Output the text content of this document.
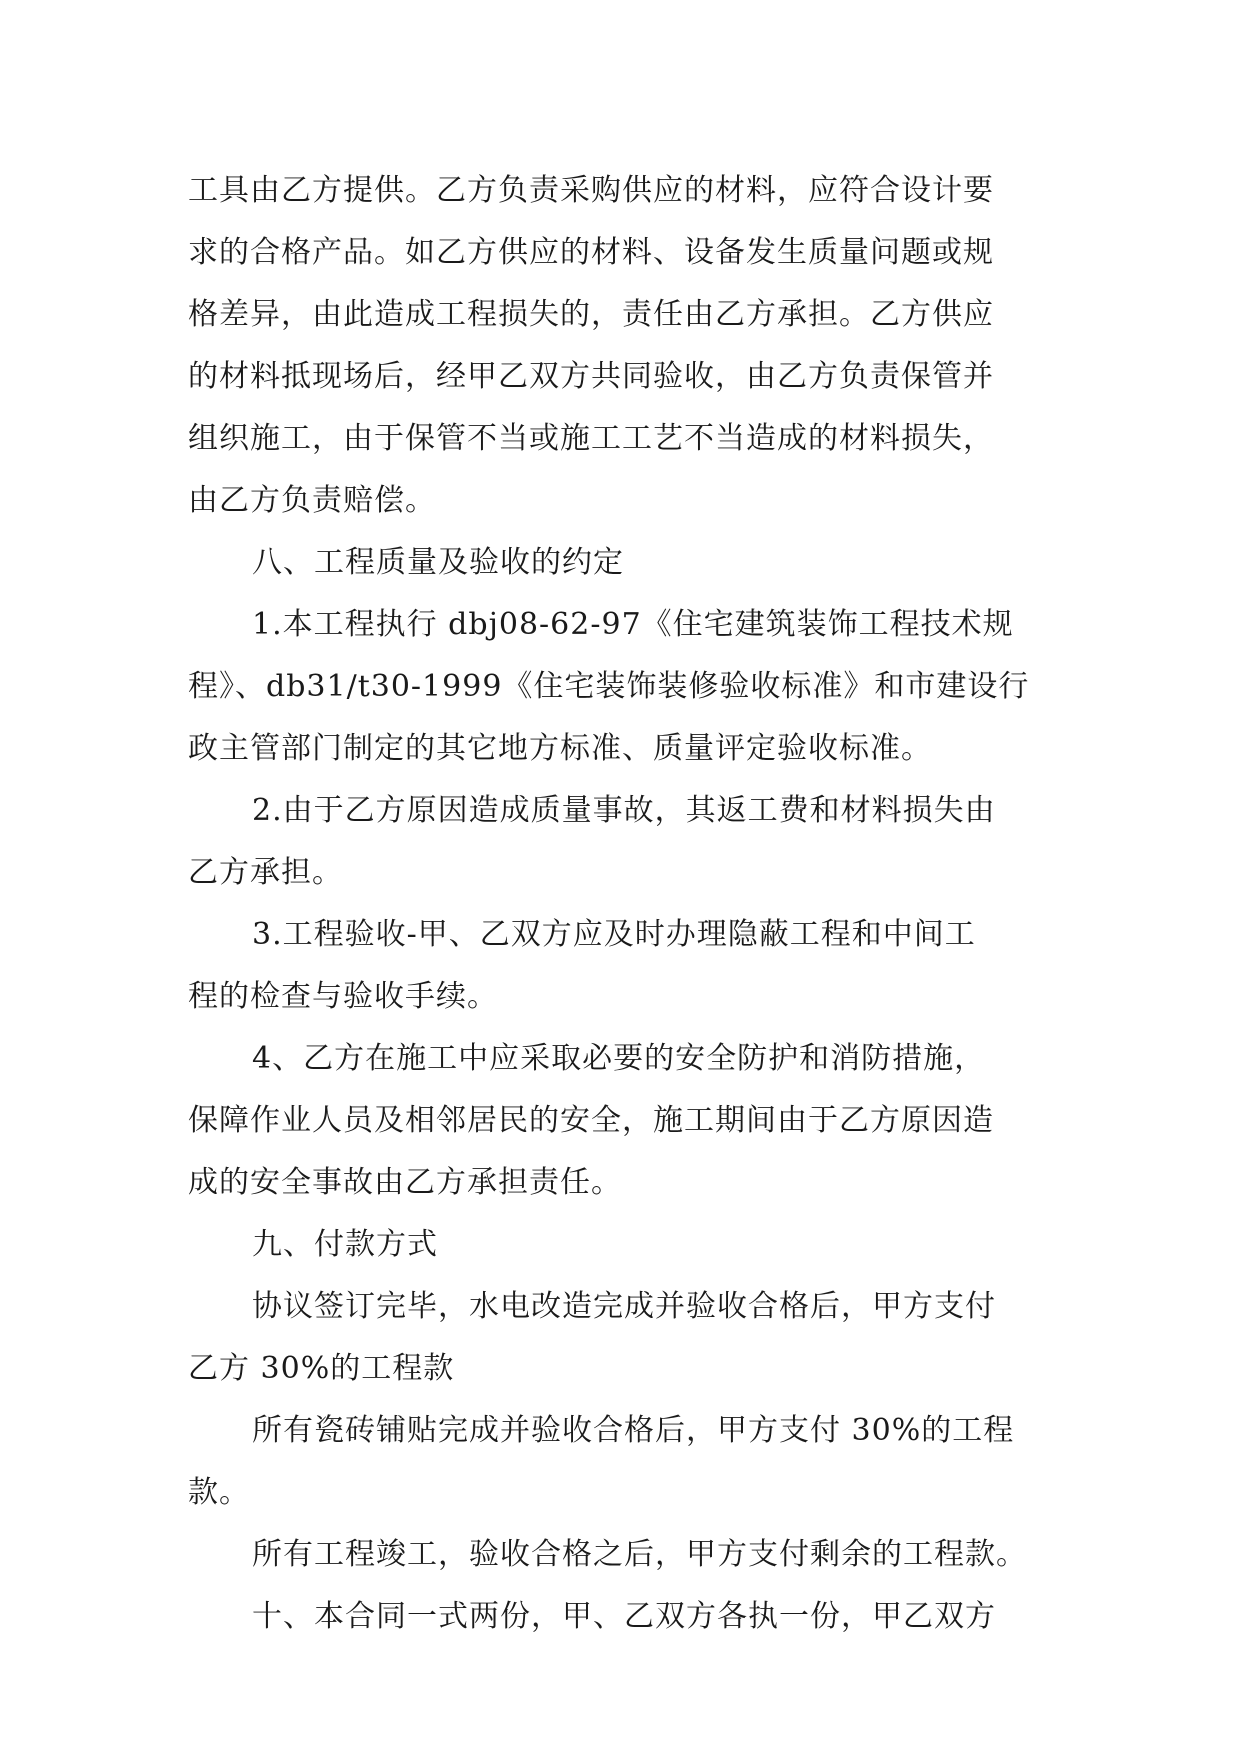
工具由乙方提供。乙方负责采购供应的材料，应符合设计要
求的合格产品。如乙方供应的材料、设备发生质量问题或规
格差异，由此造成工程损失的，责任由乙方承担。乙方供应
的材料抵现场后，经甲乙双方共同验收，由乙方负责保管并
组织施工，由于保管不当或施工工艺不当造成的材料损失，
由乙方负责赔偿。
八、工程质量及验收的约定
1.本工程执行 dbj08-62-97《住宅建筑装饰工程技术规
程》、db31/t30-1999《住宅装饰装修验收标准》和市建设行
政主管部门制定的其它地方标准、质量评定验收标准。
2.由于乙方原因造成质量事故，其返工费和材料损失由
乙方承担。
3.工程验收-甲、乙双方应及时办理隐蔽工程和中间工
程的检查与验收手续。
4、乙方在施工中应采取必要的安全防护和消防措施，
保障作业人员及相邻居民的安全，施工期间由于乙方原因造
成的安全事故由乙方承担责任。
九、付款方式
协议签订完毕，水电改造完成并验收合格后，甲方支付
乙方 30%的工程款
所有瓷砖铺贴完成并验收合格后，甲方支付 30%的工程
款。
所有工程竣工，验收合格之后，甲方支付剩余的工程款。
十、本合同一式两份，甲、乙双方各执一份，甲乙双方
